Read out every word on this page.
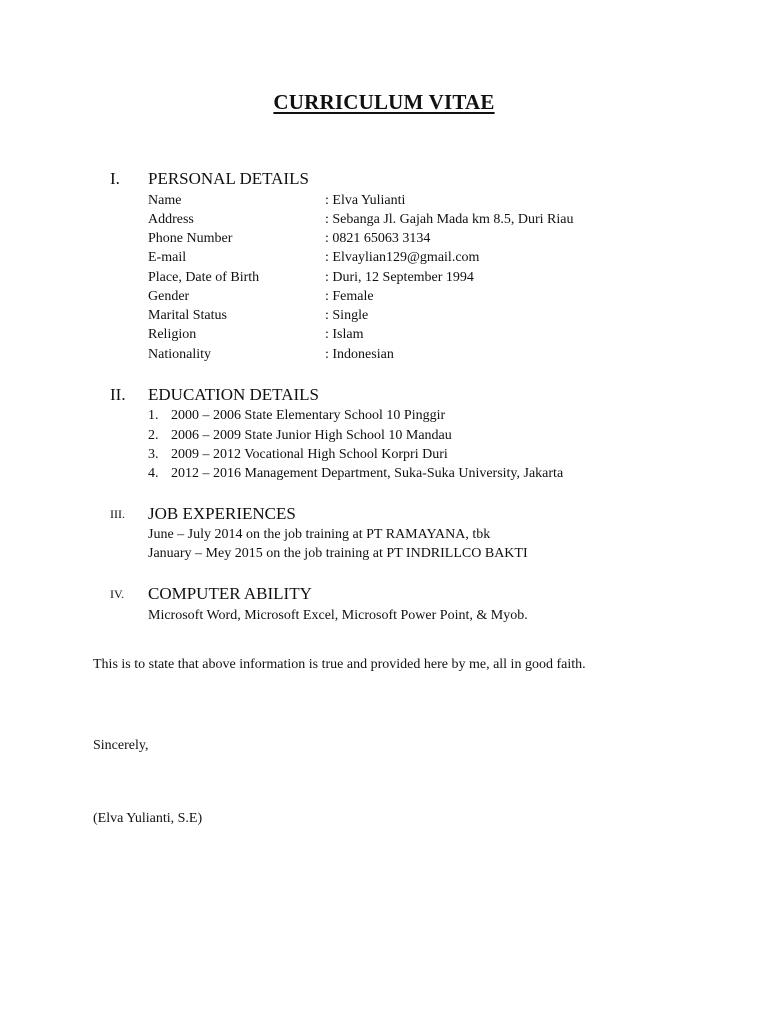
CURRICULUM VITAE
I.	PERSONAL DETAILS
Name	: Elva Yulianti
Address	: Sebanga Jl. Gajah Mada km 8.5, Duri Riau
Phone Number	: 0821 65063 3134
E-mail	: Elvaylian129@gmail.com
Place, Date of Birth	: Duri, 12 September 1994
Gender	: Female
Marital Status	: Single
Religion	: Islam
Nationality	: Indonesian
II.	EDUCATION DETAILS
1. 2000 – 2006 State Elementary School 10 Pinggir
2. 2006 – 2009 State Junior High School 10 Mandau
3. 2009 – 2012 Vocational High School Korpri Duri
4. 2012 – 2016 Management Department, Suka-Suka University, Jakarta
III.	JOB EXPERIENCES
June – July 2014 on the job training at PT RAMAYANA, tbk
January – Mey 2015 on the job training at PT INDRILLCO BAKTI
IV.	COMPUTER ABILITY
Microsoft Word, Microsoft Excel, Microsoft Power Point, & Myob.
This is to state that above information is true and provided here by me, all in good faith.
Sincerely,
(Elva Yulianti, S.E)
